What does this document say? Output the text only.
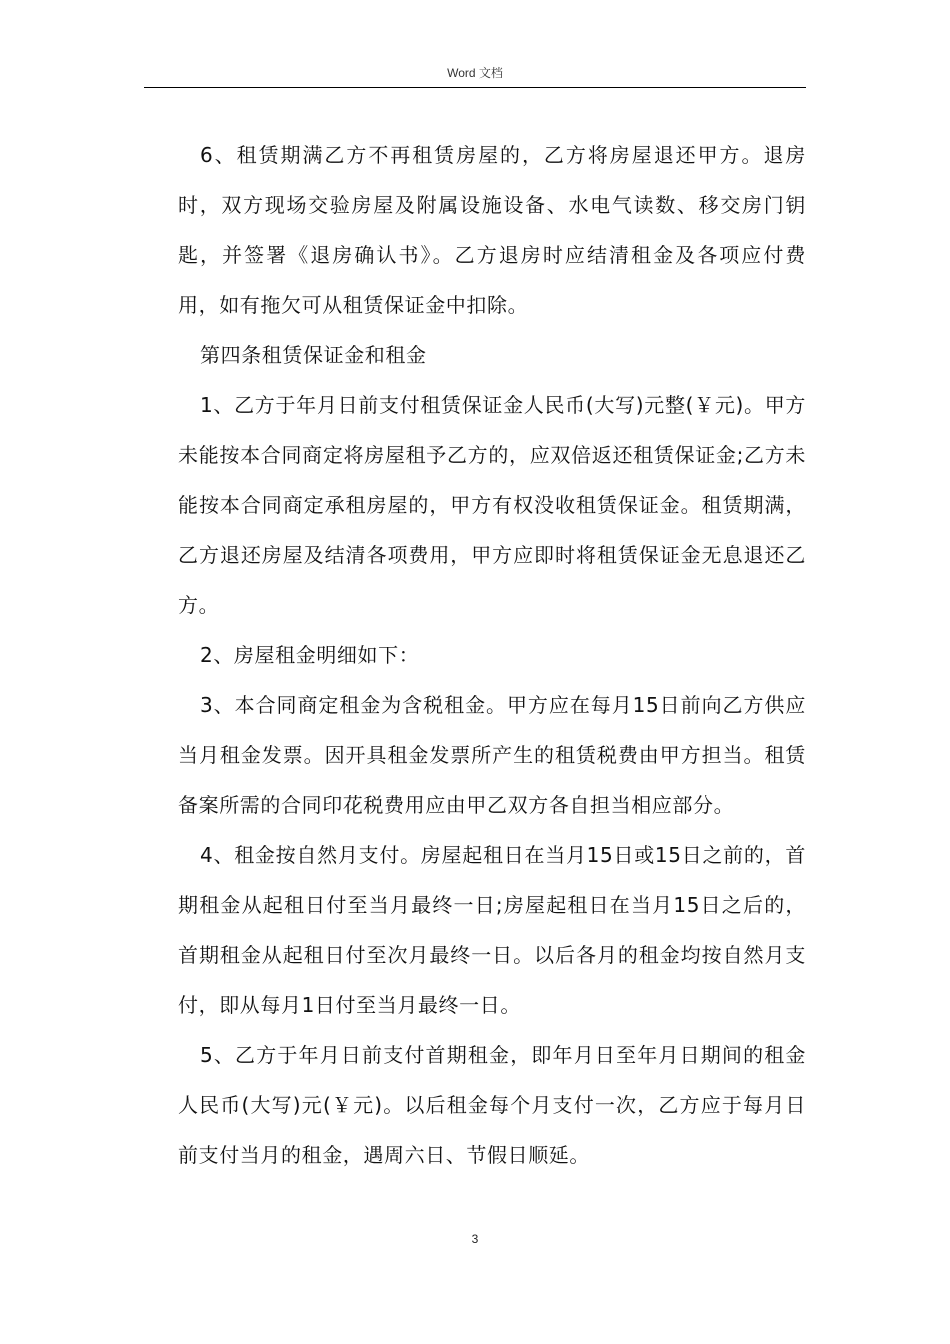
Word 文档

6、租赁期满乙方不再租赁房屋的，乙方将房屋退还甲方。退房时，双方现场交验房屋及附属设施设备、水电气读数、移交房门钥匙，并签署《退房确认书》。乙方退房时应结清租金及各项应付费用，如有拖欠可从租赁保证金中扣除。

第四条租赁保证金和租金

1、乙方于年月日前支付租赁保证金人民币(大写)元整(￥元)。甲方未能按本合同商定将房屋租予乙方的，应双倍返还租赁保证金;乙方未能按本合同商定承租房屋的，甲方有权没收租赁保证金。租赁期满，乙方退还房屋及结清各项费用，甲方应即时将租赁保证金无息退还乙方。

2、房屋租金明细如下：

3、本合同商定租金为含税租金。甲方应在每月15日前向乙方供应当月租金发票。因开具租金发票所产生的租赁税费由甲方担当。租赁备案所需的合同印花税费用应由甲乙双方各自担当相应部分。

4、租金按自然月支付。房屋起租日在当月15日或15日之前的，首期租金从起租日付至当月最终一日;房屋起租日在当月15日之后的，首期租金从起租日付至次月最终一日。以后各月的租金均按自然月支付，即从每月1日付至当月最终一日。

5、乙方于年月日前支付首期租金，即年月日至年月日期间的租金人民币(大写)元(￥元)。以后租金每个月支付一次，乙方应于每月日前支付当月的租金，遇周六日、节假日顺延。

3
